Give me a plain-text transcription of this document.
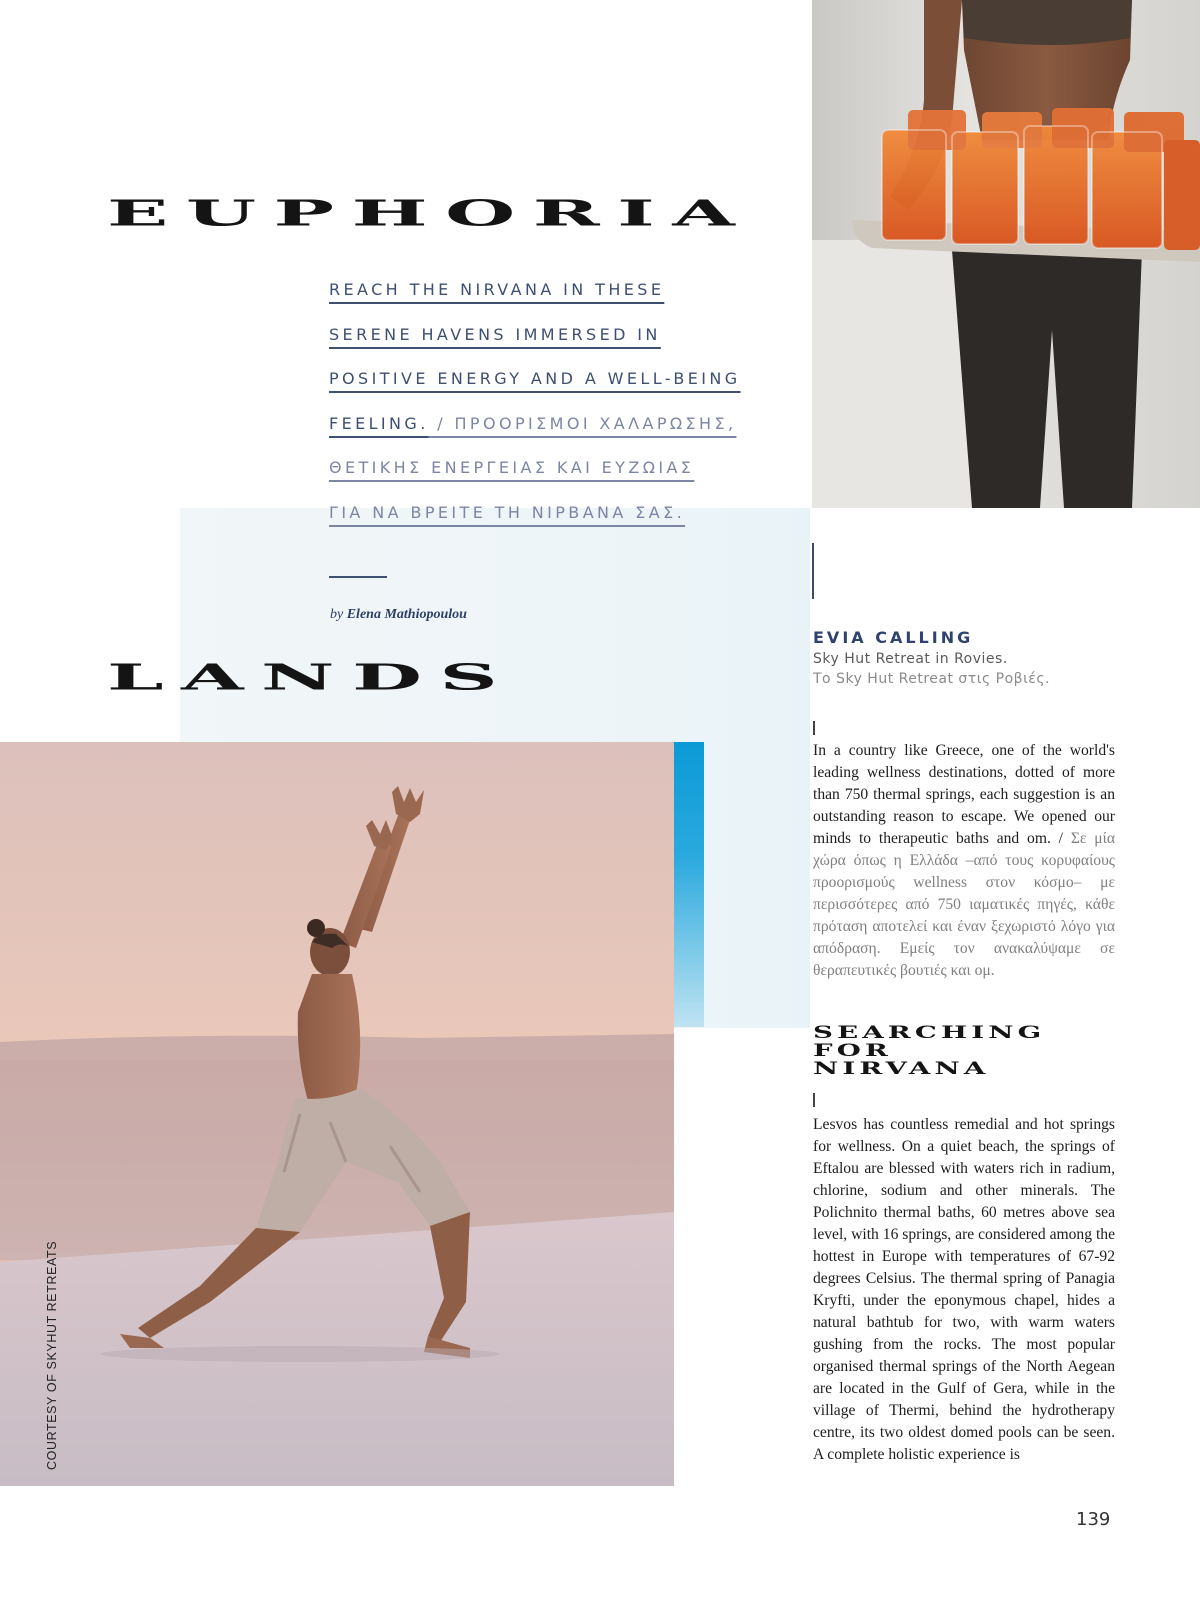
EUPHORIA
LANDS
REACH THE NIRVANA IN THESE
SERENE HAVENS IMMERSED IN
POSITIVE ENERGY AND A WELL-BEING
FEELING. / ΠΡΟΟΡΙΣΜΟΙ ΧΑΛΑΡΩΣΗΣ,
ΘΕΤΙΚΗΣ ΕΝΕΡΓΕΙΑΣ ΚΑΙ ΕΥΖΩΙΑΣ
ΓΙΑ ΝΑ ΒΡΕΙΤΕ ΤΗ ΝΙΡΒΑΝΑ ΣΑΣ.
by Elena Mathiopoulou
EVIA CALLING
Sky Hut Retreat in Rovies.
Το Sky Hut Retreat στις Ροβιές.
In a country like Greece, one of the world's leading wellness destinations, dotted of more than 750 thermal springs, each suggestion is an outstanding reason to escape. We opened our minds to therapeutic baths and om. / Σε μία χώρα όπως η Ελλάδα –από τους κορυφαίους προορισμούς wellness στον κόσμο– με περισσότερες από 750 ιαματικές πηγές, κάθε πρόταση αποτελεί και έναν ξεχωριστό λόγο για απόδραση. Εμείς τον ανακαλύψαμε σε θεραπευτικές βουτιές και ομ.
SEARCHING
FOR
NIRVANA
Lesvos has countless remedial and hot springs for wellness. On a quiet beach, the springs of Eftalou are blessed with waters rich in radium, chlorine, sodium and other minerals. The Polichnito thermal baths, 60 metres above sea level, with 16 springs, are considered among the hottest in Europe with temperatures of 67-92 degrees Celsius. The thermal spring of Panagia Kryfti, under the eponymous chapel, hides a natural bathtub for two, with warm waters gushing from the rocks. The most popular organised thermal springs of the North Aegean are located in the Gulf of Gera, while in the village of Thermi, behind the hydrotherapy centre, its two oldest domed pools can be seen. A complete holistic experience is
COURTESY OF SKYHUT RETREATS
139
